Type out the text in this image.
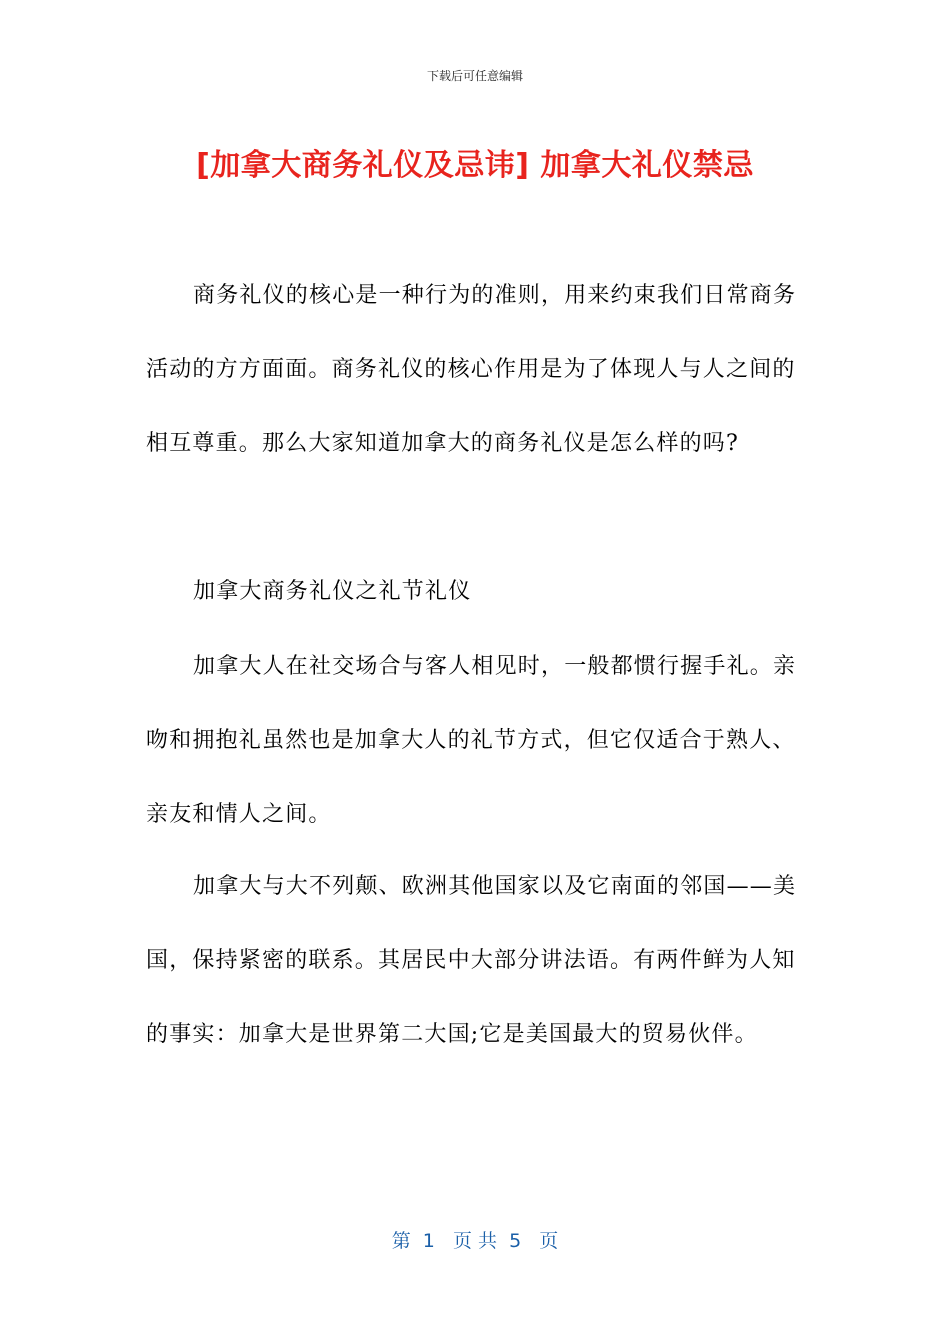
下载后可任意编辑
[加拿大商务礼仪及忌讳] 加拿大礼仪禁忌

商务礼仪的核心是一种行为的准则，用来约束我们日常商务活动的方方面面。商务礼仪的核心作用是为了体现人与人之间的相互尊重。那么大家知道加拿大的商务礼仪是怎么样的吗?

加拿大商务礼仪之礼节礼仪

加拿大人在社交场合与客人相见时，一般都惯行握手礼。亲吻和拥抱礼虽然也是加拿大人的礼节方式，但它仅适合于熟人、亲友和情人之间。

加拿大与大不列颠、欧洲其他国家以及它南面的邻国——美国，保持紧密的联系。其居民中大部分讲法语。有两件鲜为人知的事实：加拿大是世界第二大国;它是美国最大的贸易伙伴。

第  1   页 共  5   页
